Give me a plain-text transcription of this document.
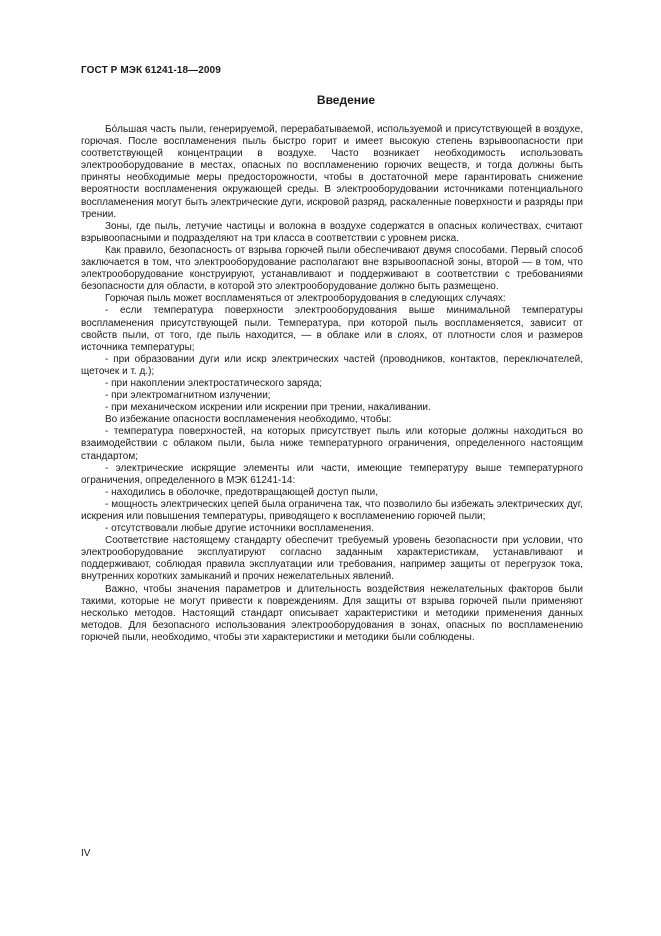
ГОСТ Р МЭК 61241-18—2009
Введение

Бо́льшая часть пыли, генерируемой, перерабатываемой, используемой и присутствующей в воздухе, горючая. После воспламенения пыль быстро горит и имеет высокую степень взрывоопасности при соответствующей концентрации в воздухе. Часто возникает необходимость использовать электрооборудование в местах, опасных по воспламенению горючих веществ, и тогда должны быть приняты необходимые меры предосторожности, чтобы в достаточной мере гарантировать снижение вероятности воспламенения окружающей среды. В электрооборудовании источниками потенциального воспламенения могут быть электрические дуги, искровой разряд, раскаленные поверхности и разряды при трении.

Зоны, где пыль, летучие частицы и волокна в воздухе содержатся в опасных количествах, считают взрывоопасными и подразделяют на три класса в соответствии с уровнем риска.

Как правило, безопасность от взрыва горючей пыли обеспечивают двумя способами. Первый способ заключается в том, что электрооборудование располагают вне взрывоопасной зоны, второй — в том, что электрооборудование конструируют, устанавливают и поддерживают в соответствии с требованиями безопасности для области, в которой это электрооборудование должно быть размещено.

Горючая пыль может воспламеняться от электрооборудования в следующих случаях:

- если температура поверхности электрооборудования выше минимальной температуры воспламенения присутствующей пыли. Температура, при которой пыль воспламеняется, зависит от свойств пыли, от того, где пыль находится, — в облаке или в слоях, от плотности слоя и размеров источника температуры;

- при образовании дуги или искр электрических частей (проводников, контактов, переключателей, щеточек и т. д.);

- при накоплении электростатического заряда;

- при электромагнитном излучении;

- при механическом искрении или искрении при трении, накаливании.

Во избежание опасности воспламенения необходимо, чтобы:

- температура поверхностей, на которых присутствует пыль или которые должны находиться во взаимодействии с облаком пыли, была ниже температурного ограничения, определенного настоящим стандартом;

- электрические искрящие элементы или части, имеющие температуру выше температурного ограничения, определенного в МЭК 61241-14:

- находились в оболочке, предотвращающей доступ пыли,

- мощность электрических цепей была ограничена так, что позволило бы избежать электрических дуг, искрения или повышения температуры, приводящего к воспламенению горючей пыли;

- отсутствовали любые другие источники воспламенения.

Соответствие настоящему стандарту обеспечит требуемый уровень безопасности при условии, что электрооборудование эксплуатируют согласно заданным характеристикам, устанавливают и поддерживают, соблюдая правила эксплуатации или требования, например защиты от перегрузок тока, внутренних коротких замыканий и прочих нежелательных явлений.

Важно, чтобы значения параметров и длительность воздействия нежелательных факторов были такими, которые не могут привести к повреждениям. Для защиты от взрыва горючей пыли применяют несколько методов. Настоящий стандарт описывает характеристики и методики применения данных методов. Для безопасного использования электрооборудования в зонах, опасных по воспламенению горючей пыли, необходимо, чтобы эти характеристики и методики были соблюдены.

IV
